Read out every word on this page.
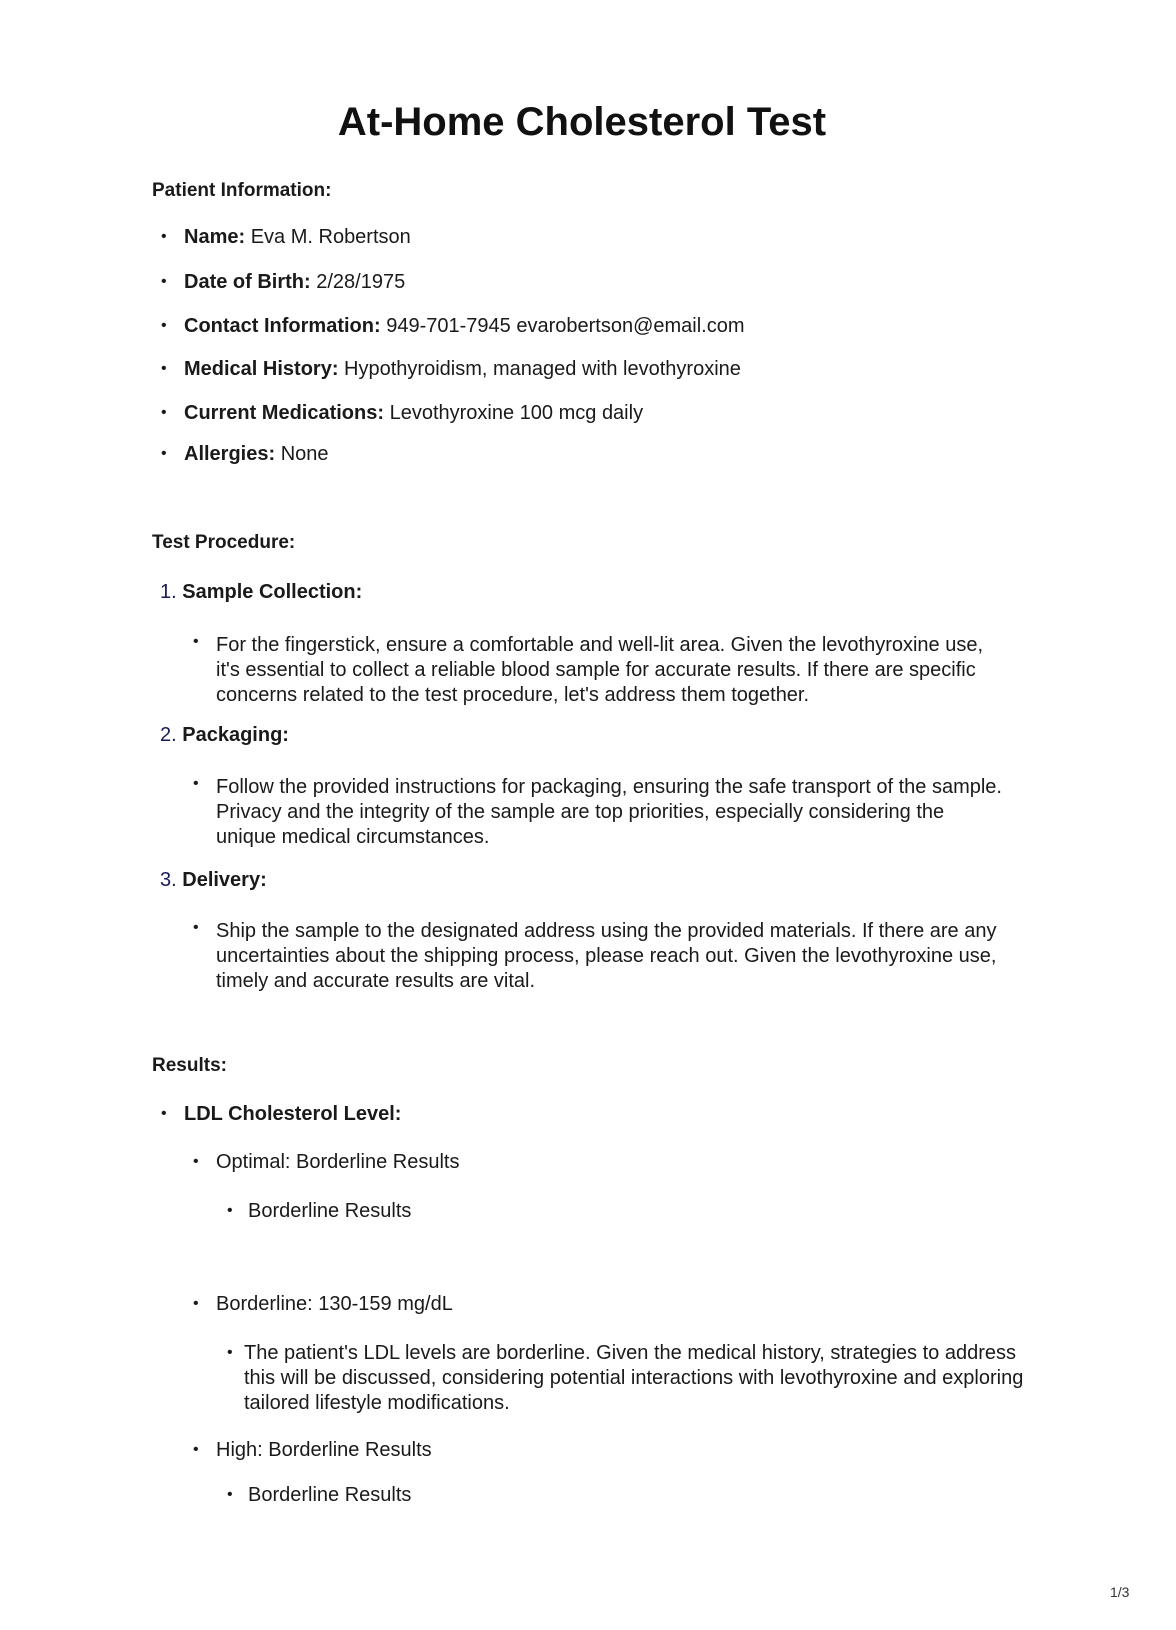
At-Home Cholesterol Test
Patient Information:
• Name: Eva M. Robertson
• Date of Birth: 2/28/1975
• Contact Information: 949-701-7945 evarobertson@email.com
• Medical History: Hypothyroidism, managed with levothyroxine
• Current Medications: Levothyroxine 100 mcg daily
• Allergies: None
Test Procedure:
1. Sample Collection:
• For the fingerstick, ensure a comfortable and well-lit area. Given the levothyroxine use, it's essential to collect a reliable blood sample for accurate results. If there are specific concerns related to the test procedure, let's address them together.
2. Packaging:
• Follow the provided instructions for packaging, ensuring the safe transport of the sample. Privacy and the integrity of the sample are top priorities, especially considering the unique medical circumstances.
3. Delivery:
• Ship the sample to the designated address using the provided materials. If there are any uncertainties about the shipping process, please reach out. Given the levothyroxine use, timely and accurate results are vital.
Results:
• LDL Cholesterol Level:
• Optimal: Borderline Results
• Borderline Results
• Borderline: 130-159 mg/dL
• The patient's LDL levels are borderline. Given the medical history, strategies to address this will be discussed, considering potential interactions with levothyroxine and exploring tailored lifestyle modifications.
• High: Borderline Results
• Borderline Results
1/3
